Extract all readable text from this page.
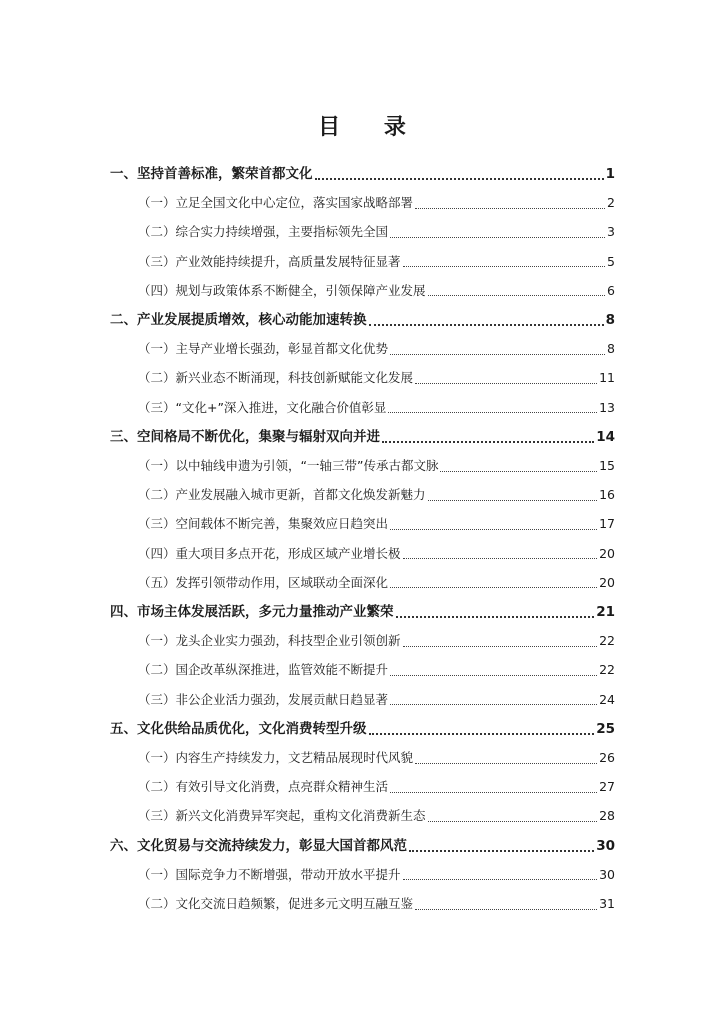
目 录
一、坚持首善标准，繁荣首都文化	1
（一）立足全国文化中心定位，落实国家战略部署	2
（二）综合实力持续增强，主要指标领先全国	3
（三）产业效能持续提升，高质量发展特征显著	5
（四）规划与政策体系不断健全，引领保障产业发展	6
二、产业发展提质增效，核心动能加速转换	8
（一）主导产业增长强劲，彰显首都文化优势	8
（二）新兴业态不断涌现，科技创新赋能文化发展	11
（三）“文化+”深入推进，文化融合价值彰显	13
三、空间格局不断优化，集聚与辐射双向并进	14
（一）以中轴线申遗为引领，“一轴三带”传承古都文脉	15
（二）产业发展融入城市更新，首都文化焕发新魅力	16
（三）空间载体不断完善，集聚效应日趋突出	17
（四）重大项目多点开花，形成区域产业增长极	20
（五）发挥引领带动作用，区域联动全面深化	20
四、市场主体发展活跃，多元力量推动产业繁荣	21
（一）龙头企业实力强劲，科技型企业引领创新	22
（二）国企改革纵深推进，监管效能不断提升	22
（三）非公企业活力强劲，发展贡献日趋显著	24
五、文化供给品质优化，文化消费转型升级	25
（一）内容生产持续发力，文艺精品展现时代风貌	26
（二）有效引导文化消费，点亮群众精神生活	27
（三）新兴文化消费异军突起，重构文化消费新生态	28
六、文化贸易与交流持续发力，彰显大国首都风范	30
（一）国际竞争力不断增强，带动开放水平提升	30
（二）文化交流日趋频繁，促进多元文明互融互鉴	31
